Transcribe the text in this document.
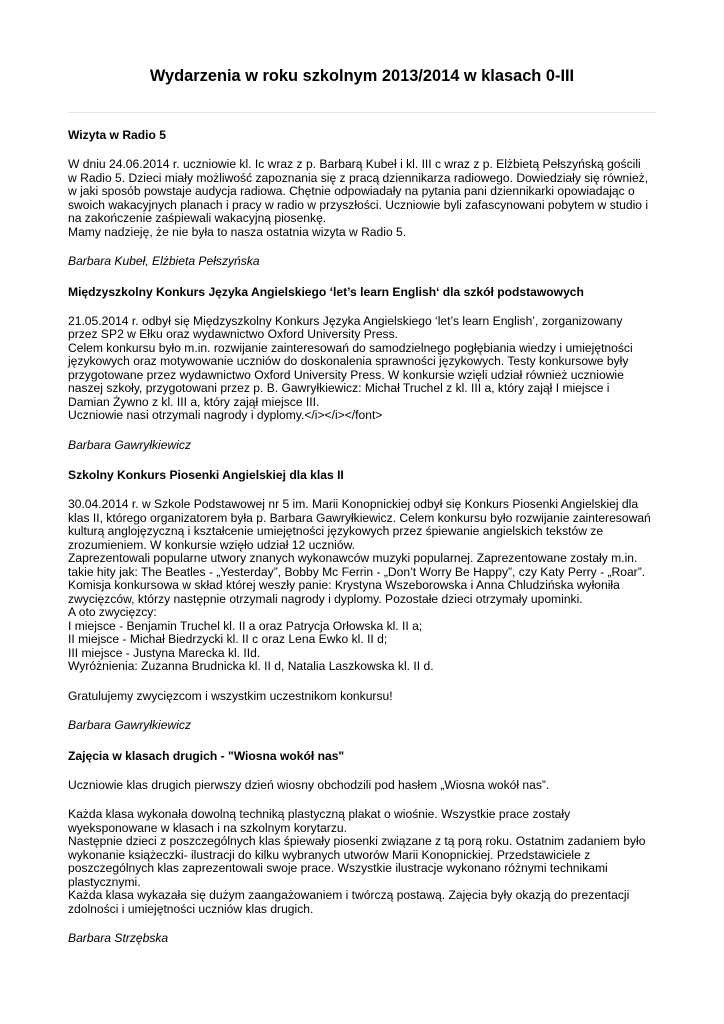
Wydarzenia w roku szkolnym 2013/2014 w klasach 0-III
Wizyta w Radio 5

W dniu 24.06.2014 r. uczniowie kl. Ic wraz z p. Barbarą Kubeł i kl. III c wraz z p. Elżbietą Pełszyńską gościli

w Radio 5. Dzieci miały możliwość zapoznania się z pracą dziennikarza radiowego. Dowiedziały się również,

w jaki sposób powstaje audycja radiowa. Chętnie odpowiadały na pytania pani dziennikarki opowiadając o

swoich wakacyjnych planach i pracy w radio w przyszłości. Uczniowie byli zafascynowani pobytem w studio i

na zakończenie zaśpiewali wakacyjną piosenkę.

Mamy nadzieję, że nie była to nasza ostatnia wizyta w Radio 5.

Barbara Kubeł, Elżbieta Pełszyńska

Międzyszkolny Konkurs Języka Angielskiego ‘let’s learn English‘ dla szkół podstawowych

21.05.2014 r. odbył się Międzyszkolny Konkurs Języka Angielskiego ‘let’s learn English’, zorganizowany

przez SP2 w Ełku oraz wydawnictwo Oxford University Press.

Celem konkursu było m.in. rozwijanie zainteresowań do samodzielnego pogłębiania wiedzy i umiejętności

językowych oraz motywowanie uczniów do doskonalenia sprawności językowych. Testy konkursowe były

przygotowane przez wydawnictwo Oxford University Press. W konkursie wzięli udział również uczniowie

naszej szkoły, przygotowani przez p. B. Gawryłkiewicz: Michał Truchel z kl. III a, który zajął I miejsce i

Damian Żywno z kl. III a, który zajął miejsce III.

Uczniowie nasi otrzymali nagrody i dyplomy.</i></i></font>

Barbara Gawryłkiewicz

Szkolny Konkurs Piosenki Angielskiej dla klas II

30.04.2014 r. w Szkole Podstawowej nr 5 im. Marii Konopnickiej odbył się Konkurs Piosenki Angielskiej dla

klas II, którego organizatorem była p. Barbara Gawryłkiewicz. Celem konkursu było rozwijanie zainteresowań

kulturą anglojęzyczną i kształcenie umiejętności językowych przez śpiewanie angielskich tekstów ze

zrozumieniem. W konkursie wzięło udział 12 uczniów.

Zaprezentowali popularne utwory znanych wykonawców muzyki popularnej. Zaprezentowane zostały m.in.

takie hity jak: The Beatles - „Yesterday”, Bobby Mc Ferrin - „Don’t Worry Be Happy”, czy Katy Perry - „Roar”.

Komisja konkursowa w skład której weszły panie: Krystyna Wszeborowska i Anna Chludzińska wyłoniła

zwycięzców, którzy następnie otrzymali nagrody i dyplomy. Pozostałe dzieci otrzymały upominki.

A oto zwycięzcy:

I miejsce - Benjamin Truchel kl. II a oraz Patrycja Orłowska kl. II a;

II miejsce - Michał Biedrzycki kl. II c oraz Lena Ewko kl. II d;

III miejsce - Justyna Marecka kl. IId.

Wyróżnienia: Zuzanna Brudnicka kl. II d, Natalia Laszkowska kl. II d.

Gratulujemy zwycięzcom i wszystkim uczestnikom konkursu!

Barbara Gawryłkiewicz

Zajęcia w klasach drugich - "Wiosna wokół nas"

Uczniowie klas drugich pierwszy dzień wiosny obchodzili pod hasłem „Wiosna wokół nas”.

Każda klasa wykonała dowolną techniką plastyczną plakat o wiośnie. Wszystkie prace zostały

wyeksponowane w klasach i na szkolnym korytarzu.

Następnie dzieci z poszczególnych klas śpiewały piosenki związane z tą porą roku. Ostatnim zadaniem było

wykonanie książeczki- ilustracji do kilku wybranych utworów Marii Konopnickiej. Przedstawiciele z

poszczególnych klas zaprezentowali swoje prace. Wszystkie ilustracje wykonano różnymi technikami

plastycznymi.

Każda klasa wykazała się dużym zaangażowaniem i twórczą postawą. Zajęcia były okazją do prezentacji

zdolności i umiejętności uczniów klas drugich.

Barbara Strzębska
